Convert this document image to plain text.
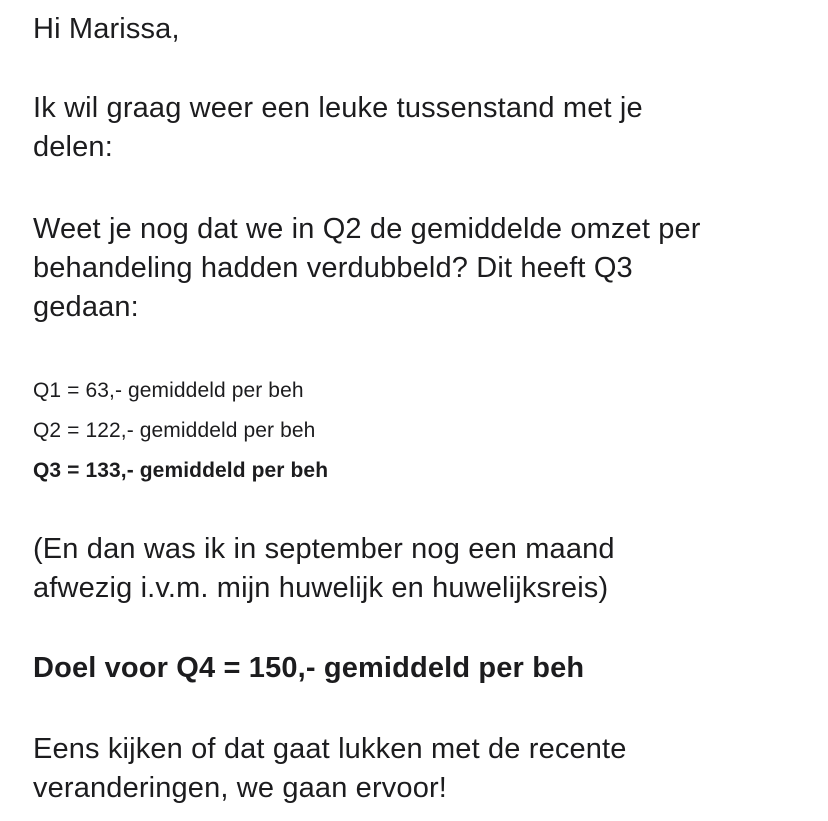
Hi Marissa,
Ik wil graag weer een leuke tussenstand met je
delen:
Weet je nog dat we in Q2 de gemiddelde omzet per
behandeling hadden verdubbeld? Dit heeft Q3
gedaan:
Q1 = 63,- gemiddeld per beh
Q2 = 122,- gemiddeld per beh
Q3 = 133,- gemiddeld per beh
(En dan was ik in september nog een maand
afwezig i.v.m. mijn huwelijk en huwelijksreis)
Doel voor Q4 = 150,- gemiddeld per beh
Eens kijken of dat gaat lukken met de recente
veranderingen, we gaan ervoor!
